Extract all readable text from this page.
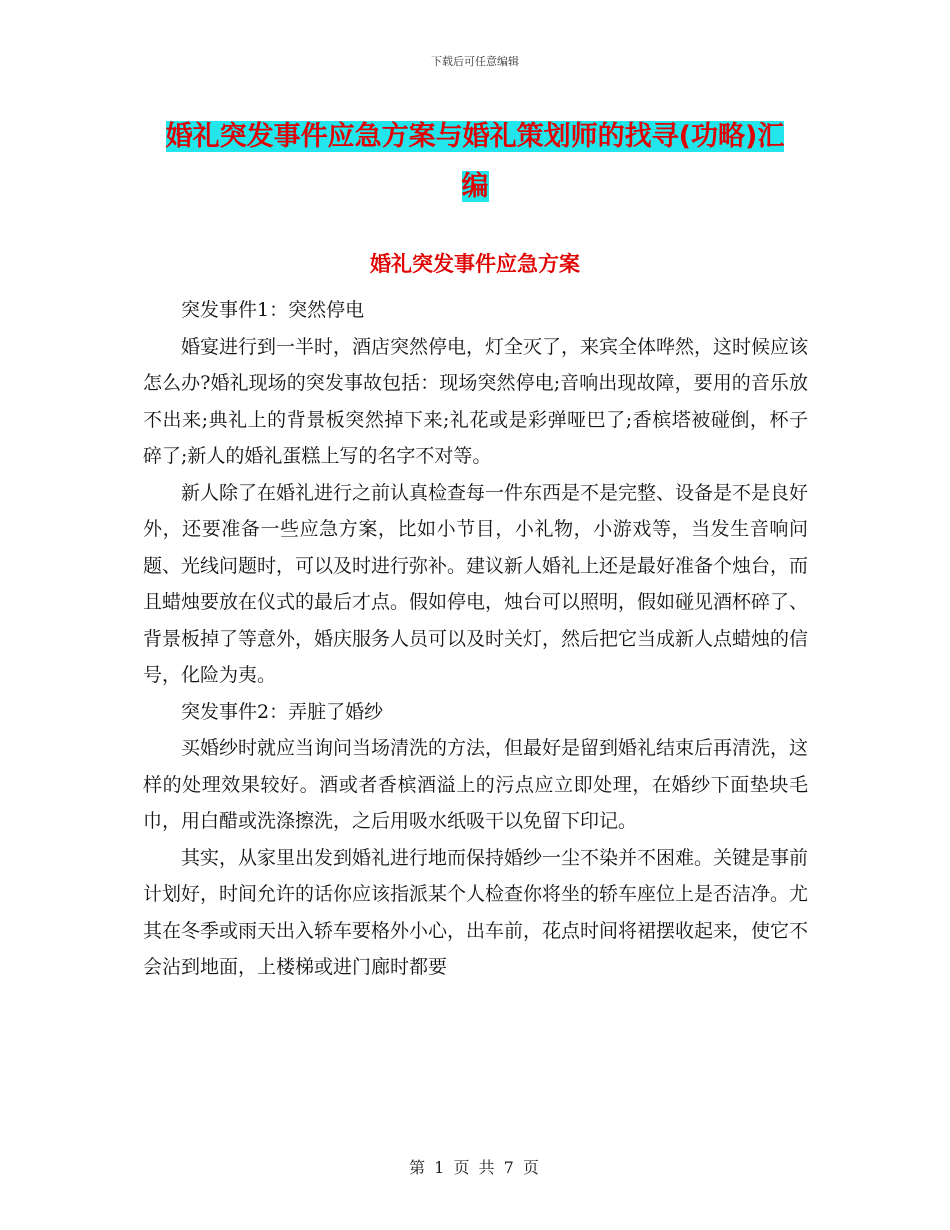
下载后可任意编辑
婚礼突发事件应急方案与婚礼策划师的找寻(功略)汇
编
婚礼突发事件应急方案

突发事件1：突然停电

婚宴进行到一半时，酒店突然停电，灯全灭了，来宾全体哗然，这时候应该怎么办?婚礼现场的突发事故包括：现场突然停电;音响出现故障，要用的音乐放不出来;典礼上的背景板突然掉下来;礼花或是彩弹哑巴了;香槟塔被碰倒，杯子碎了;新人的婚礼蛋糕上写的名字不对等。

新人除了在婚礼进行之前认真检查每一件东西是不是完整、设备是不是良好外，还要准备一些应急方案，比如小节目，小礼物，小游戏等，当发生音响问题、光线问题时，可以及时进行弥补。建议新人婚礼上还是最好准备个烛台，而且蜡烛要放在仪式的最后才点。假如停电，烛台可以照明，假如碰见酒杯碎了、背景板掉了等意外，婚庆服务人员可以及时关灯，然后把它当成新人点蜡烛的信号，化险为夷。

突发事件2：弄脏了婚纱

买婚纱时就应当询问当场清洗的方法，但最好是留到婚礼结束后再清洗，这样的处理效果较好。酒或者香槟酒溢上的污点应立即处理，在婚纱下面垫块毛巾，用白醋或洗涤擦洗，之后用吸水纸吸干以免留下印记。

其实，从家里出发到婚礼进行地而保持婚纱一尘不染并不困难。关键是事前计划好，时间允许的话你应该指派某个人检查你将坐的轿车座位上是否洁净。尤其在冬季或雨天出入轿车要格外小心，出车前，花点时间将裙摆收起来，使它不会沾到地面，上楼梯或进门廊时都要

第 1 页 共 7 页
